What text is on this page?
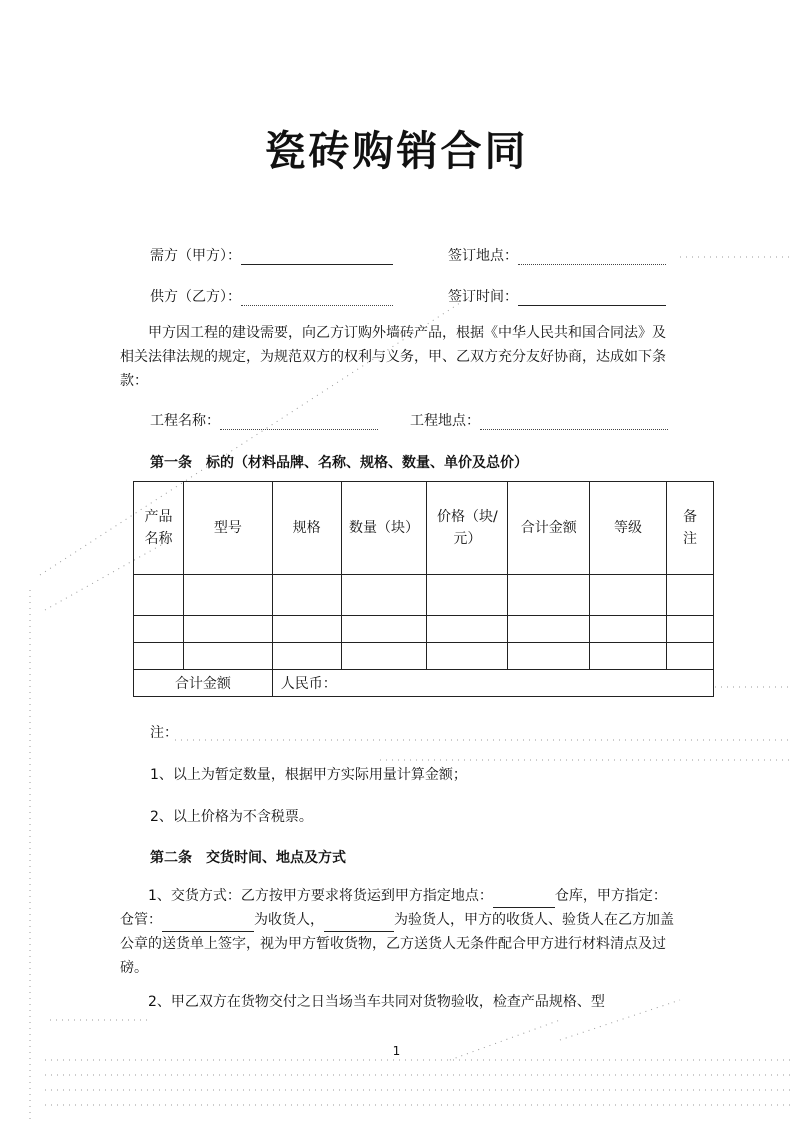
瓷砖购销合同
需方（甲方）：	签订地点：
供方（乙方）：	签订时间：
甲方因工程的建设需要，向乙方订购外墙砖产品，根据《中华人民共和国合同法》及相关法律法规的规定，为规范双方的权利与义务，甲、乙双方充分友好协商，达成如下条款：
工程名称：	工程地点：
第一条　标的（材料品牌、名称、规格、数量、单价及总价）
产品名称	型号	规格	数量（块）	价格（块/元）	合计金额	等级	备注

合计金额		人民币：					
注：
1、以上为暂定数量，根据甲方实际用量计算金额；
2、以上价格为不含税票。
第二条　交货时间、地点及方式
1、交货方式：乙方按甲方要求将货运到甲方指定地点：	仓库，甲方指定：仓管：	为收货人，	为验货人，甲方的收货人、验货人在乙方加盖公章的送货单上签字，视为甲方暂收货物，乙方送货人无条件配合甲方进行材料清点及过磅。
2、甲乙双方在货物交付之日当场当车共同对货物验收，检查产品规格、型
1
